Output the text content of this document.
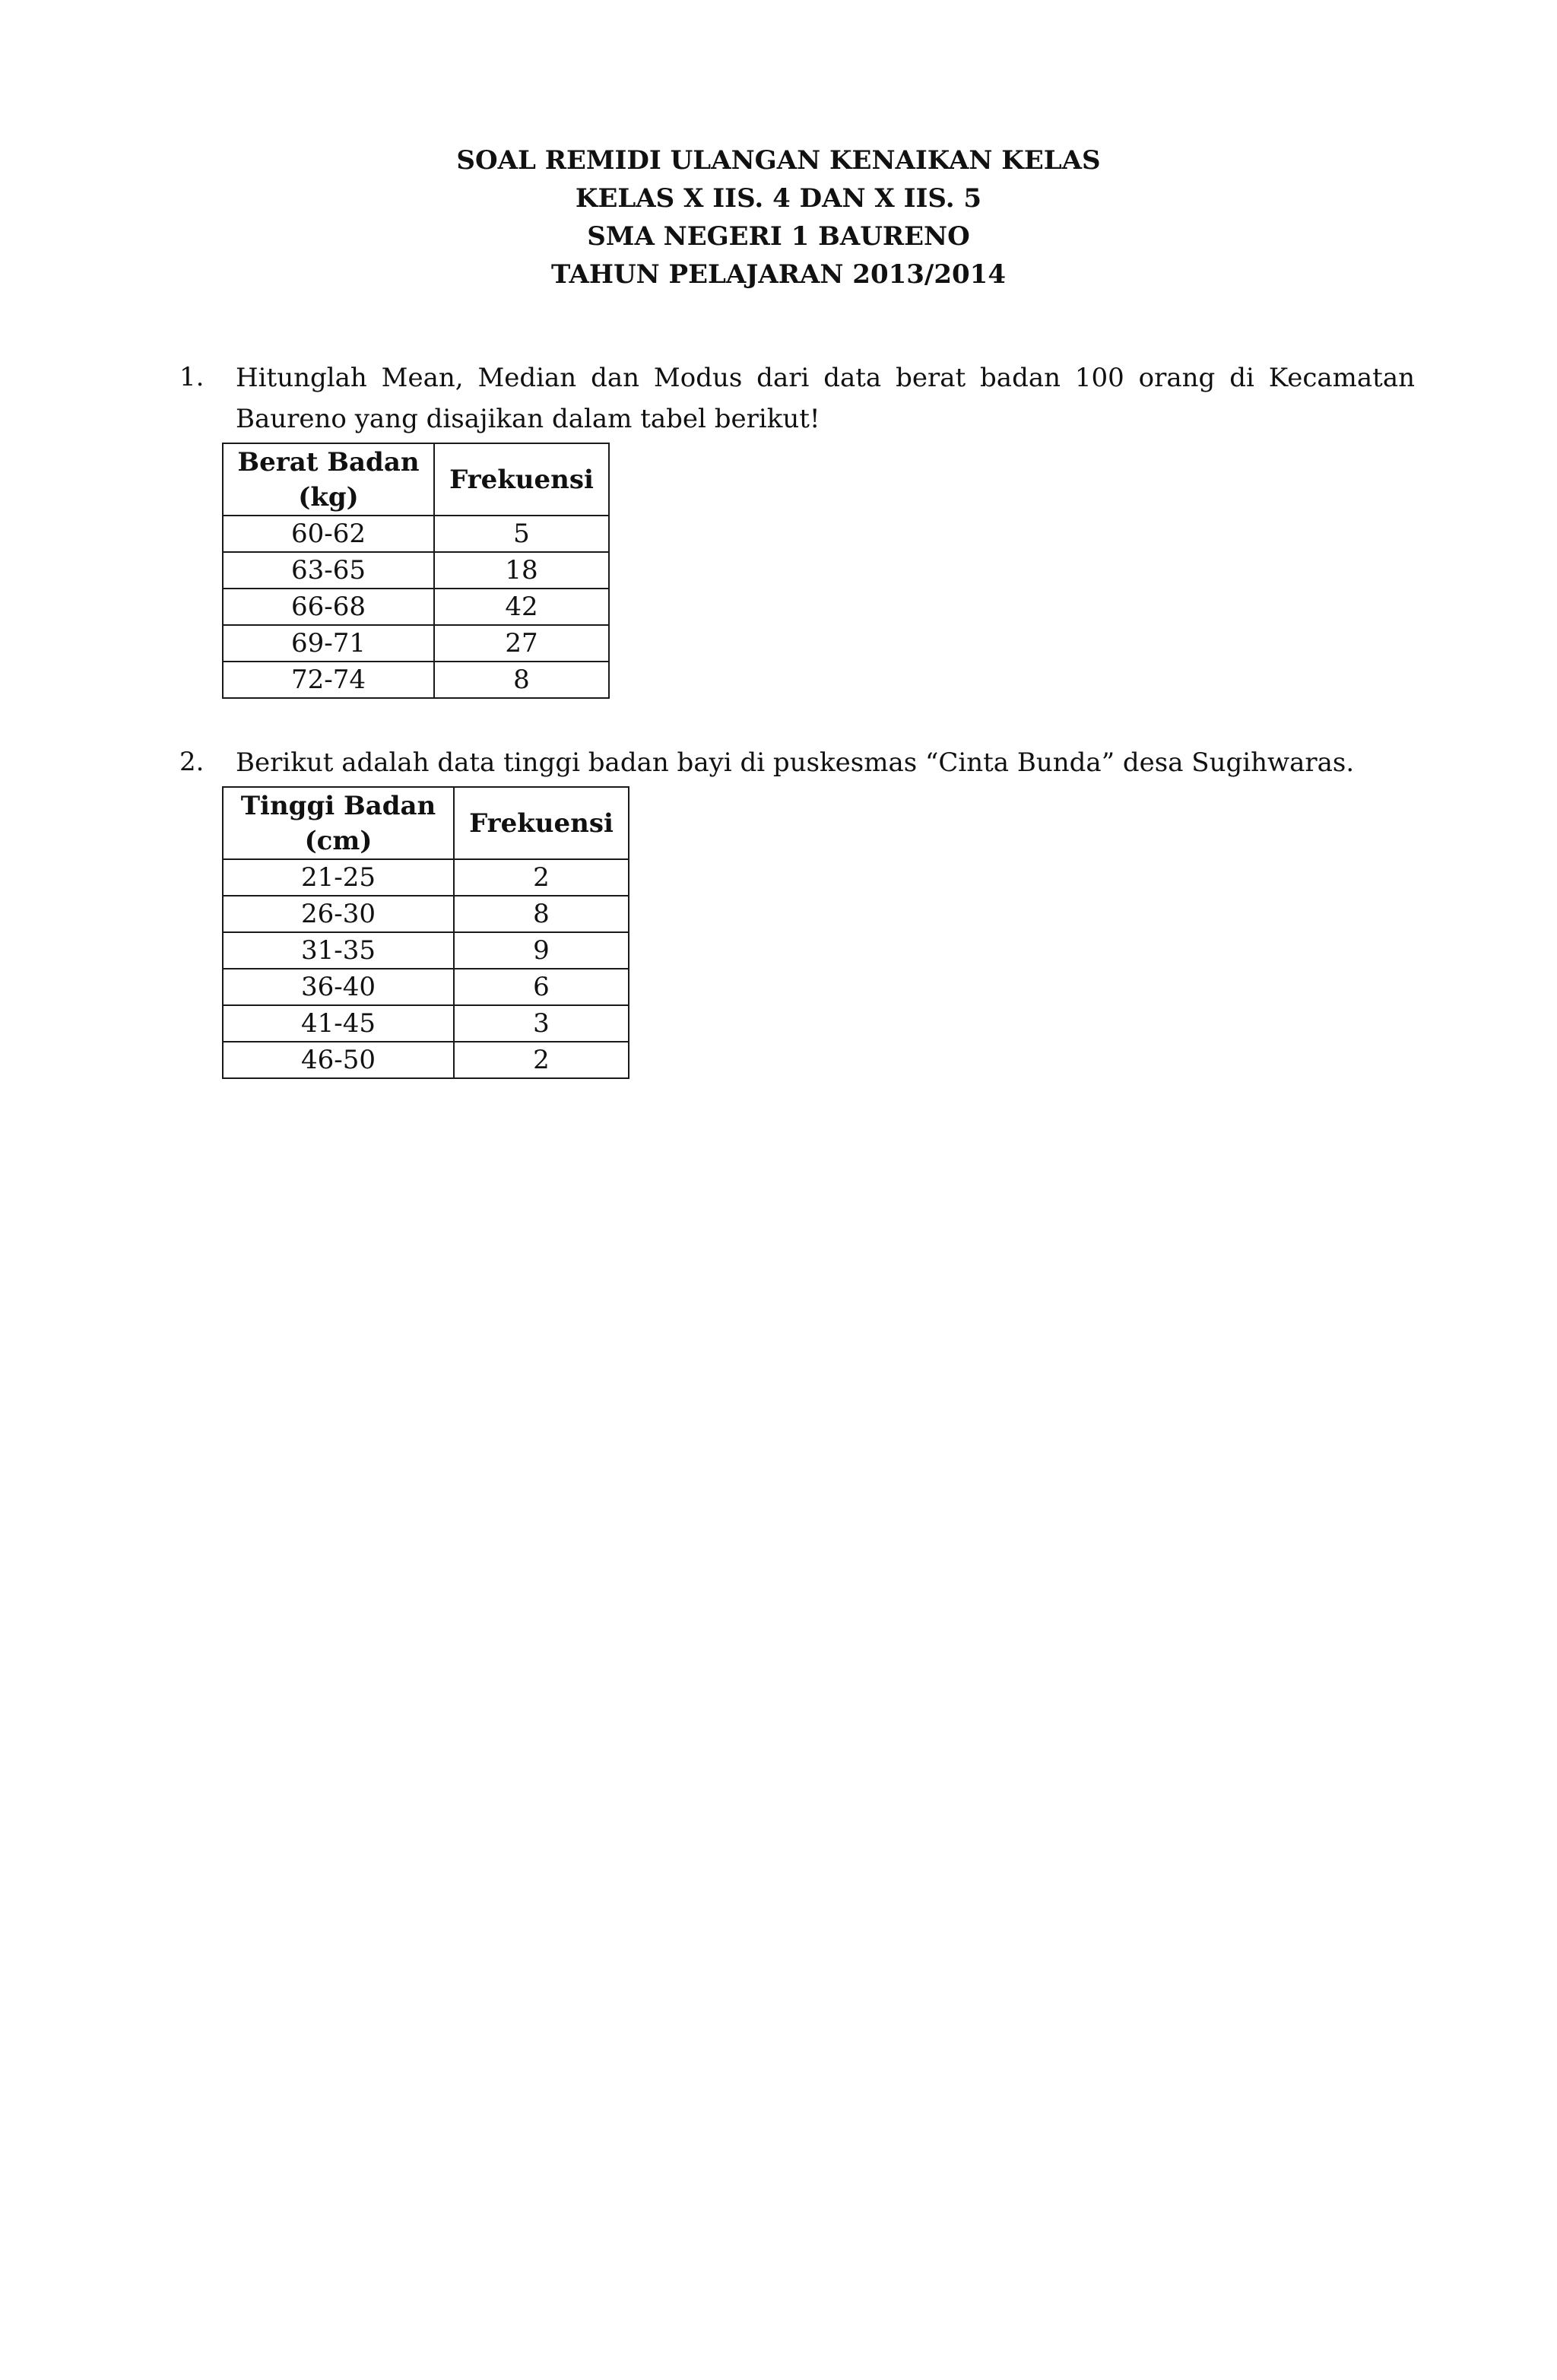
SOAL REMIDI ULANGAN KENAIKAN KELAS
KELAS X IIS. 4 DAN X IIS. 5
SMA NEGERI 1 BAURENO
TAHUN PELAJARAN 2013/2014
1. Hitunglah Mean, Median dan Modus dari data berat badan 100 orang di Kecamatan Baureno yang disajikan dalam tabel berikut!
Berat Badan
(kg)	Frekuensi
60-62	5
63-65	18
66-68	42
69-71	27
72-74	8
2. Berikut adalah data tinggi badan bayi di puskesmas “Cinta Bunda” desa Sugihwaras.
Tinggi Badan
(cm)	Frekuensi
21-25	2
26-30	8
31-35	9
36-40	6
41-45	3
46-50	2
